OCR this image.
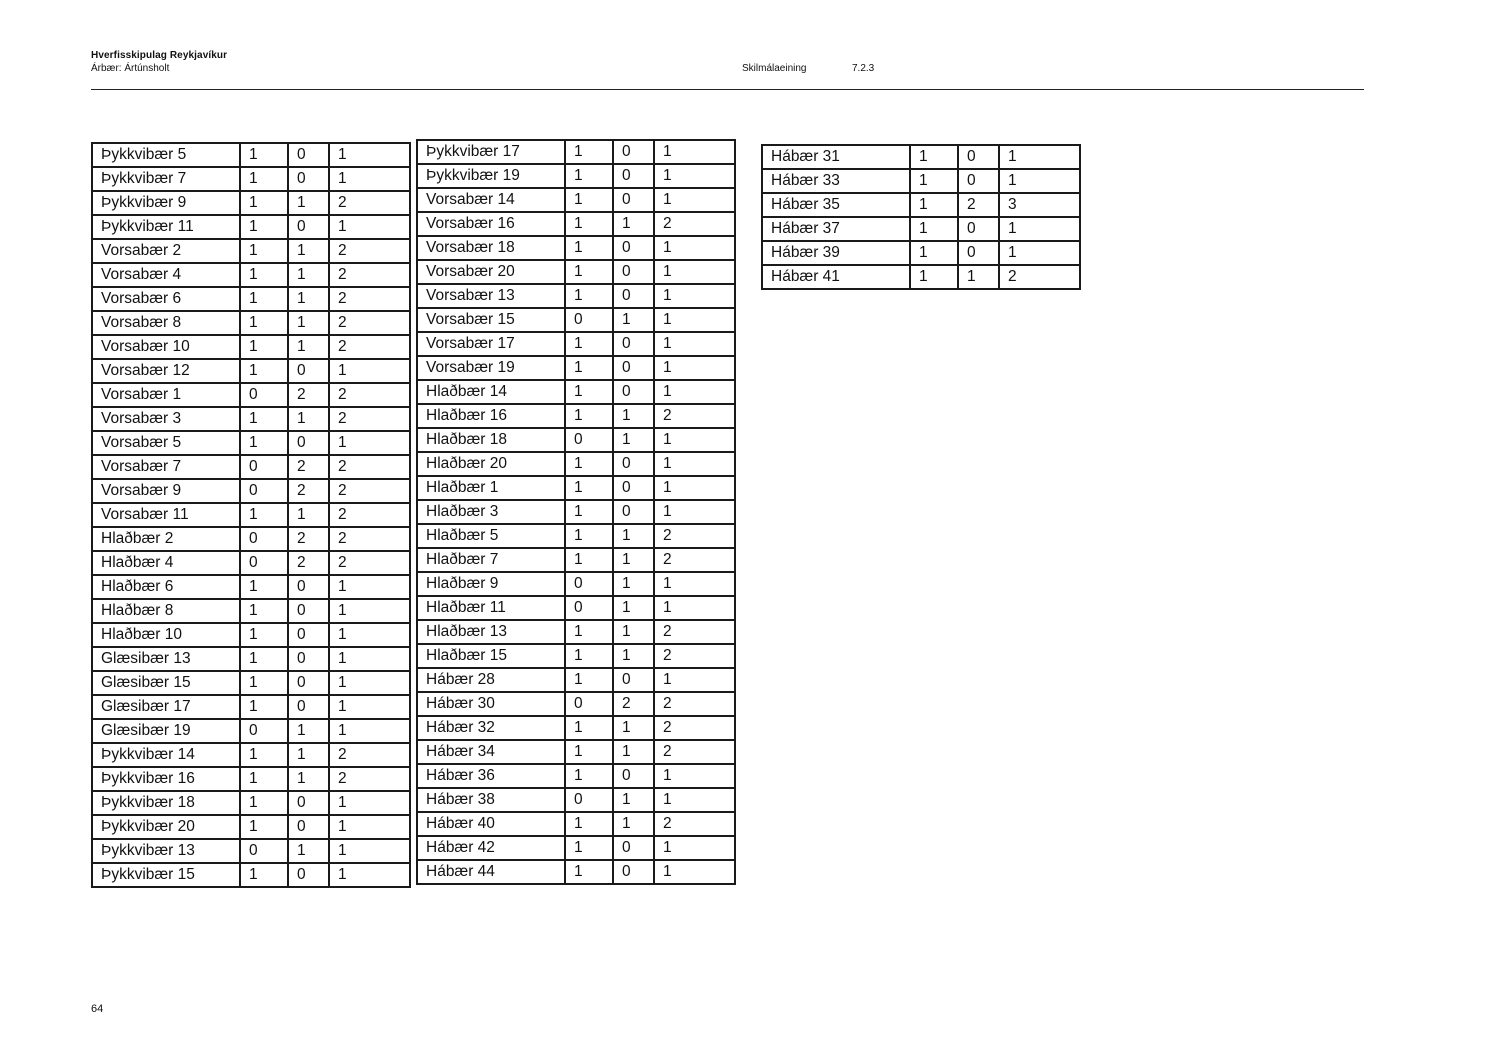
Hverfisskipulag Reykjavíkur
Árbær: Ártúnsholt	Skilmálaeining	7.2.3
Þykkvibær 5	1	0	1
Þykkvibær 7	1	0	1
Þykkvibær 9	1	1	2
Þykkvibær 11	1	0	1
Vorsabær 2	1	1	2
Vorsabær 4	1	1	2
Vorsabær 6	1	1	2
Vorsabær 8	1	1	2
Vorsabær 10	1	1	2
Vorsabær 12	1	0	1
Vorsabær 1	0	2	2
Vorsabær 3	1	1	2
Vorsabær 5	1	0	1
Vorsabær 7	0	2	2
Vorsabær 9	0	2	2
Vorsabær 11	1	1	2
Hlaðbær 2	0	2	2
Hlaðbær 4	0	2	2
Hlaðbær 6	1	0	1
Hlaðbær 8	1	0	1
Hlaðbær 10	1	0	1
Glæsibær 13	1	0	1
Glæsibær 15	1	0	1
Glæsibær 17	1	0	1
Glæsibær 19	0	1	1
Þykkvibær 14	1	1	2
Þykkvibær 16	1	1	2
Þykkvibær 18	1	0	1
Þykkvibær 20	1	0	1
Þykkvibær 13	0	1	1
Þykkvibær 15	1	0	1
Þykkvibær 17	1	0	1
Þykkvibær 19	1	0	1
Vorsabær 14	1	0	1
Vorsabær 16	1	1	2
Vorsabær 18	1	0	1
Vorsabær 20	1	0	1
Vorsabær 13	1	0	1
Vorsabær 15	0	1	1
Vorsabær 17	1	0	1
Vorsabær 19	1	0	1
Hlaðbær 14	1	0	1
Hlaðbær 16	1	1	2
Hlaðbær 18	0	1	1
Hlaðbær 20	1	0	1
Hlaðbær 1	1	0	1
Hlaðbær 3	1	0	1
Hlaðbær 5	1	1	2
Hlaðbær 7	1	1	2
Hlaðbær 9	0	1	1
Hlaðbær 11	0	1	1
Hlaðbær 13	1	1	2
Hlaðbær 15	1	1	2
Hábær 28	1	0	1
Hábær 30	0	2	2
Hábær 32	1	1	2
Hábær 34	1	1	2
Hábær 36	1	0	1
Hábær 38	0	1	1
Hábær 40	1	1	2
Hábær 42	1	0	1
Hábær 44	1	0	1
Hábær 31	1	0	1
Hábær 33	1	0	1
Hábær 35	1	2	3
Hábær 37	1	0	1
Hábær 39	1	0	1
Hábær 41	1	1	2
64
